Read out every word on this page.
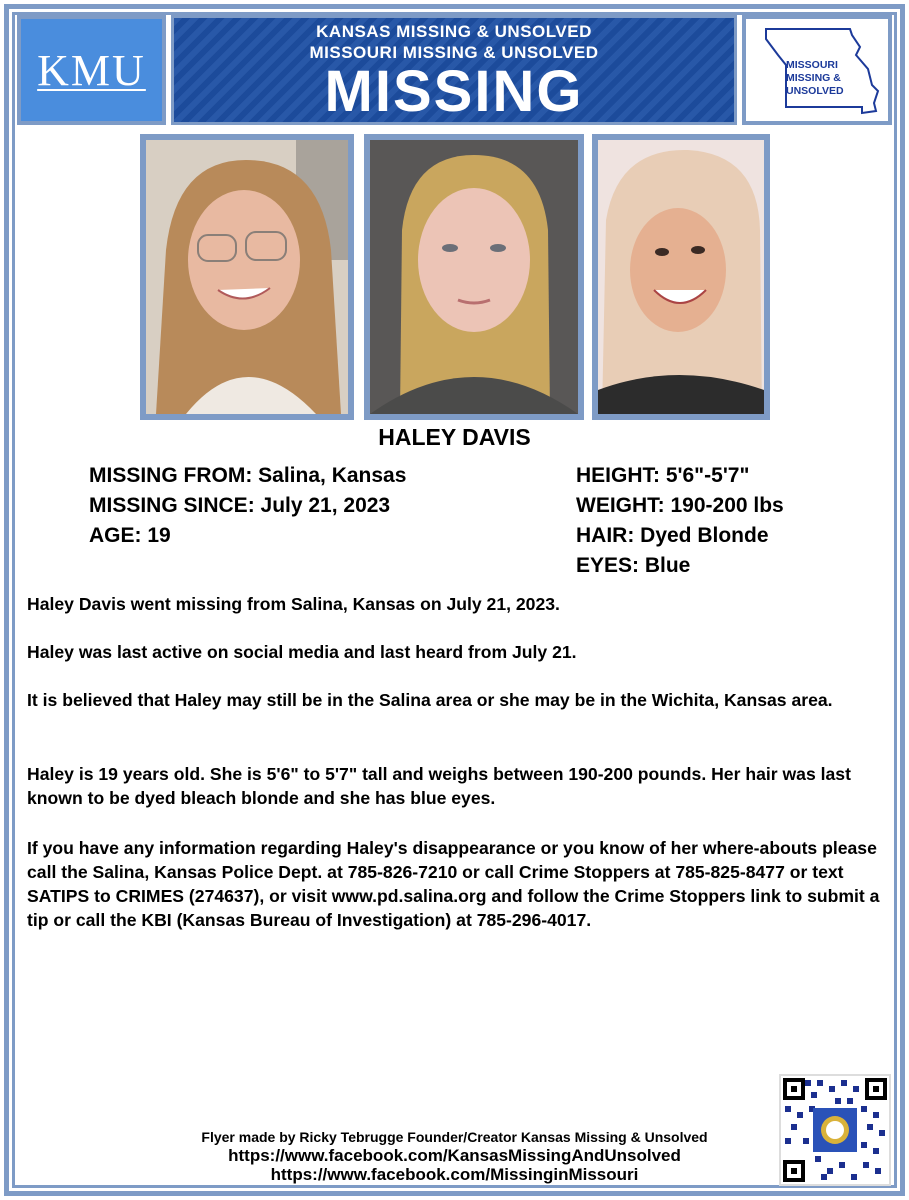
KMU
KANSAS MISSING & UNSOLVED
MISSOURI MISSING & UNSOLVED
MISSING	MISSOURI
MISSING &
UNSOLVED
HALEY DAVIS
MISSING FROM: Salina, Kansas
MISSING SINCE: July 21, 2023
AGE: 19
HEIGHT: 5'6"-5'7"
WEIGHT: 190-200 lbs
HAIR: Dyed Blonde
EYES: Blue
Haley Davis went missing from Salina, Kansas on July 21, 2023.
Haley was last active on social media and last heard from July 21.
It is believed that Haley may still be in the Salina area or she may be in the Wichita, Kansas area.
Haley is 19 years old. She is 5'6" to 5'7" tall and weighs between 190-200 pounds. Her hair was last known to be dyed bleach blonde and she has blue eyes.
If you have any information regarding Haley's disappearance or you know of her where-abouts please call the Salina, Kansas Police Dept. at 785-826-7210 or call Crime Stoppers at 785-825-8477 or text SATIPS to CRIMES (274637), or visit www.pd.salina.org and follow the Crime Stoppers link to submit a tip or call the KBI (Kansas Bureau of Investigation) at 785-296-4017.
Flyer made by Ricky Tebrugge Founder/Creator Kansas Missing & Unsolved
https://www.facebook.com/KansasMissingAndUnsolved
https://www.facebook.com/MissinginMissouri
